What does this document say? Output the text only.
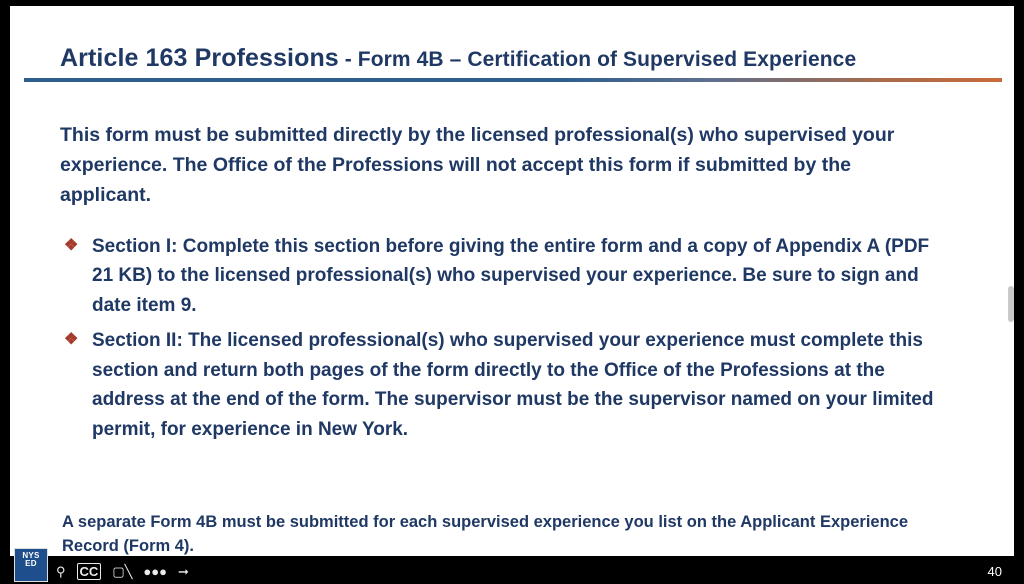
Article 163 Professions - Form 4B – Certification of Supervised Experience

This form must be submitted directly by the licensed professional(s) who supervised your experience. The Office of the Professions will not accept this form if submitted by the applicant.

❖ Section I: Complete this section before giving the entire form and a copy of Appendix A (PDF 21 KB) to the licensed professional(s) who supervised your experience. Be sure to sign and date item 9.
❖ Section II: The licensed professional(s) who supervised your experience must complete this section and return both pages of the form directly to the Office of the Professions at the address at the end of the form. The supervisor must be the supervisor named on your limited permit, for experience in New York.

A separate Form 4B must be submitted for each supervised experience you list on the Applicant Experience Record (Form 4).

NYS
ED
⚲ CC ▢╲ ●●● ➞	40
